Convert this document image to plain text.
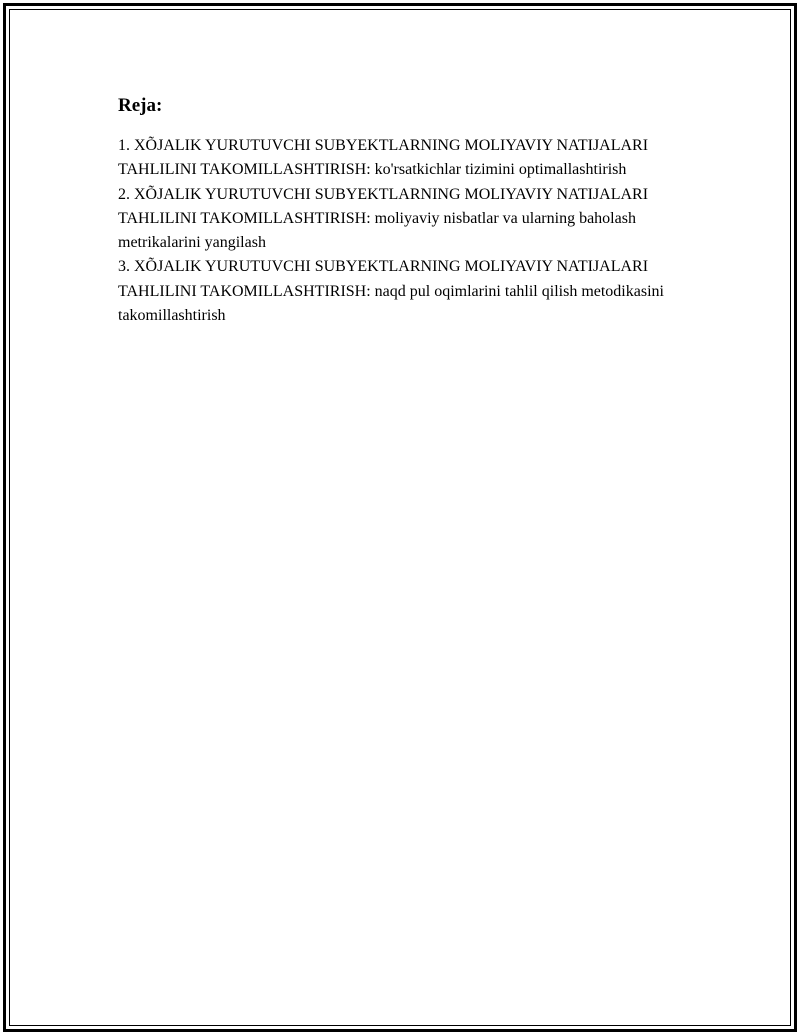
Reja:
1. XÕJALIK YURUTUVCHI SUBYEKTLARNING MOLIYAVIY NATIJALARI TAHLILINI TAKOMILLASHTIRISH: ko'rsatkichlar tizimini optimallashtirish
2. XÕJALIK YURUTUVCHI SUBYEKTLARNING MOLIYAVIY NATIJALARI TAHLILINI TAKOMILLASHTIRISH: moliyaviy nisbatlar va ularning baholash metrikalarini yangilash
3. XÕJALIK YURUTUVCHI SUBYEKTLARNING MOLIYAVIY NATIJALARI TAHLILINI TAKOMILLASHTIRISH: naqd pul oqimlarini tahlil qilish metodikasini takomillashtirish
